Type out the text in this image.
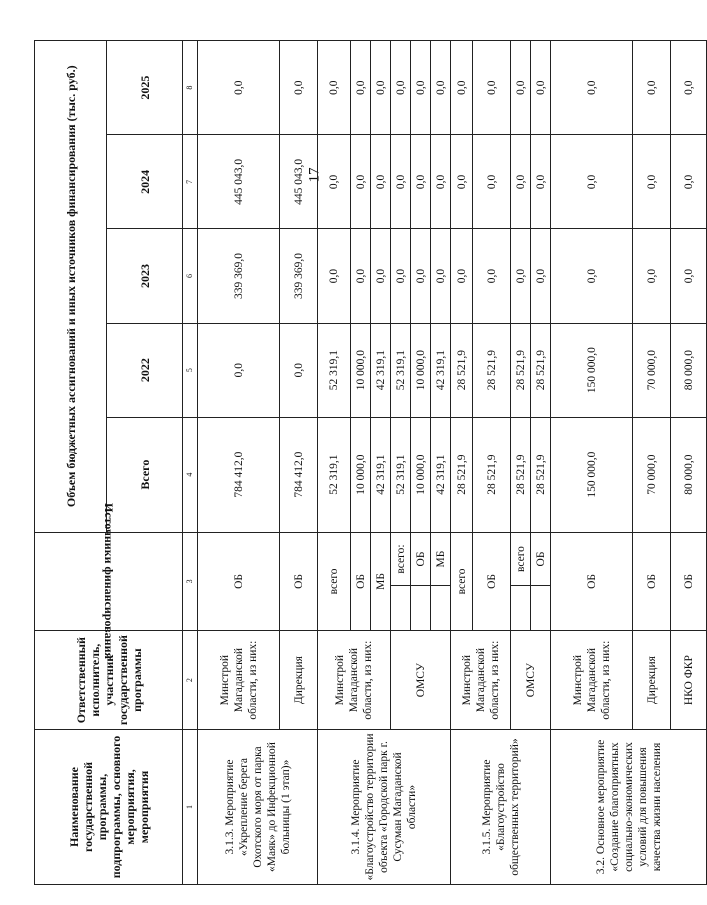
17
Наименование государственной программы, подпрограммы, основного мероприятия, мероприятия	Ответственный исполнитель, участник государственной программы	Источники финансирования		Объем бюджетных ассигнований и иных источников финансирования (тыс. руб.)				
				Всего	2022	2023	2024	2025
1	2	3		4	5	6	7	8
3.1.3. Мероприятие «Укрепление берега Охотского моря от парка «Маяк» до Инфекционной больницы (1 этап)»	Минстрой Магаданской области, из них:	ОБ		784 412,0	0,0	339 369,0	445 043,0	0,0
	Дирекция	ОБ		784 412,0	0,0	339 369,0	445 043,0	0,0
3.1.4. Мероприятие «Благоустройство территории объекта «Городской парк г. Сусуман Магаданской области»	Минстрой Магаданской области, из них:	всего		52 319,1	52 319,1	0,0	0,0	0,0
		ОБ		10 000,0	10 000,0	0,0	0,0	0,0
		МБ		42 319,1	42 319,1	0,0	0,0	0,0
	ОМСУ		всего:	52 319,1	52 319,1	0,0	0,0	0,0
			ОБ	10 000,0	10 000,0	0,0	0,0	0,0
			МБ	42 319,1	42 319,1	0,0	0,0	0,0
3.1.5. Мероприятие «Благоустройство общественных территорий»	Минстрой Магаданской области, из них:	всего		28 521,9	28 521,9	0,0	0,0	0,0
		ОБ		28 521,9	28 521,9	0,0	0,0	0,0
	ОМСУ		всего	28 521,9	28 521,9	0,0	0,0	0,0
			ОБ	28 521,9	28 521,9	0,0	0,0	0,0
3.2. Основное мероприятие «Создание благоприятных социально-экономических условий для повышения качества жизни населения	Минстрой Магаданской области, из них:	ОБ		150 000,0	150 000,0	0,0	0,0	0,0
	Дирекция	ОБ		70 000,0	70 000,0	0,0	0,0	0,0
	НКО ФКР	ОБ		80 000,0	80 000,0	0,0	0,0	0,0
